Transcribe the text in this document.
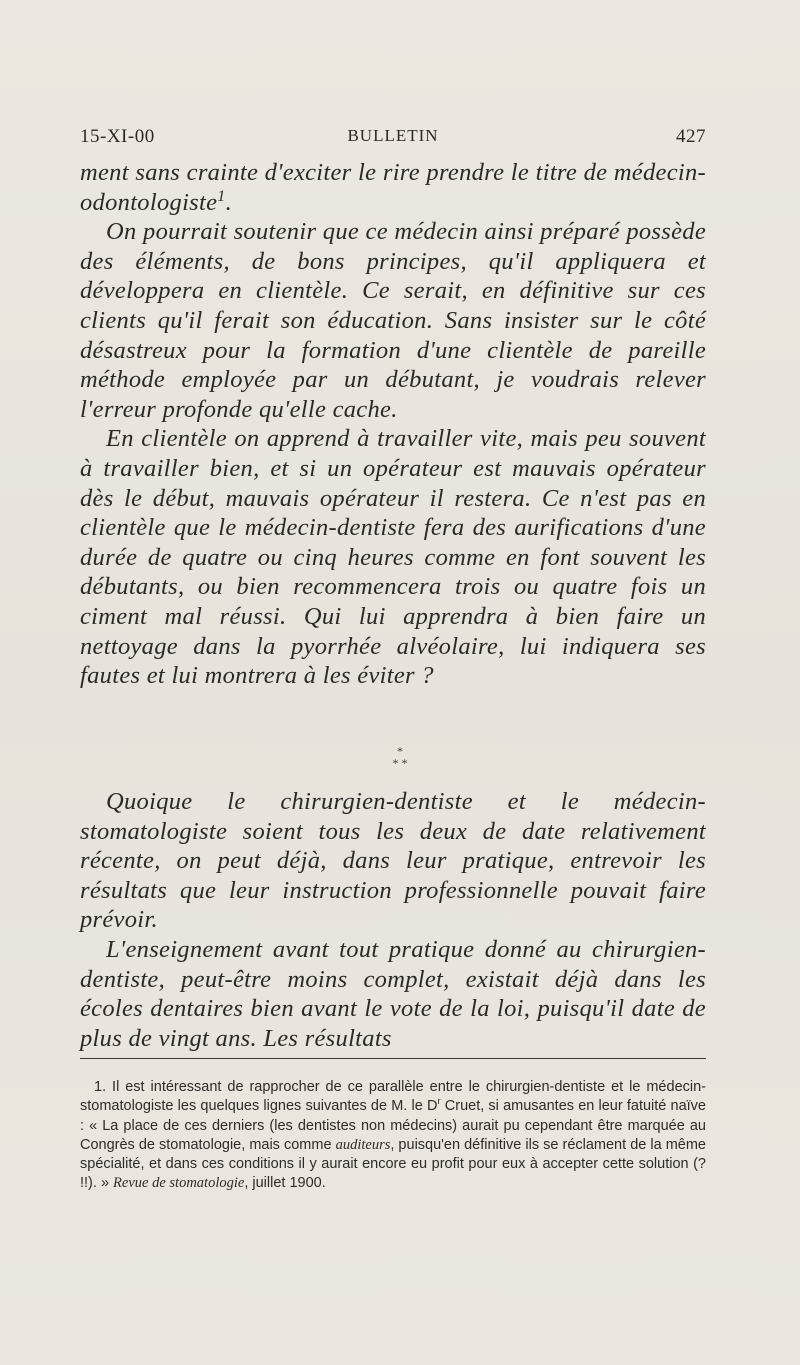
15-XI-00	BULLETIN	427

ment sans crainte d'exciter le rire prendre le titre de médecin-odontologiste$^1$.

On pourrait soutenir que ce médecin ainsi préparé possède des éléments, de bons principes, qu'il appliquera et développera en clientèle. Ce serait, en définitive sur ces clients qu'il ferait son éducation. Sans insister sur le côté désastreux pour la formation d'une clientèle de pareille méthode employée par un débutant, je voudrais relever l'erreur profonde qu'elle cache.

En clientèle on apprend à travailler vite, mais peu souvent à travailler bien, et si un opérateur est mauvais opérateur dès le début, mauvais opérateur il restera. Ce n'est pas en clientèle que le médecin-dentiste fera des aurifications d'une durée de quatre ou cinq heures comme en font souvent les débutants, ou bien recommencera trois ou quatre fois un ciment mal réussi. Qui lui apprendra à bien faire un nettoyage dans la pyorrhée alvéolaire, lui indiquera ses fautes et lui montrera à les éviter ?

*
* *

Quoique le chirurgien-dentiste et le médecin-stomatologiste soient tous les deux de date relativement récente, on peut déjà, dans leur pratique, entrevoir les résultats que leur instruction professionnelle pouvait faire prévoir.

L'enseignement avant tout pratique donné au chirurgien-dentiste, peut-être moins complet, existait déjà dans les écoles dentaires bien avant le vote de la loi, puisqu'il date de plus de vingt ans. Les résultats

1. Il est intéressant de rapprocher de ce parallèle entre le chirurgien-dentiste et le médecin-stomatologiste les quelques lignes suivantes de M. le $D^r$ Cruet, si amusantes en leur fatuité naïve : « La place de ces derniers (les dentistes non médecins) aurait pu cependant être marquée au Congrès de stomatologie, mais comme auditeurs, puisqu'en définitive ils se réclament de la même spécialité, et dans ces conditions il y aurait encore eu profit pour eux à accepter cette solution (? !!). » Revue de stomatologie, juillet 1900.
